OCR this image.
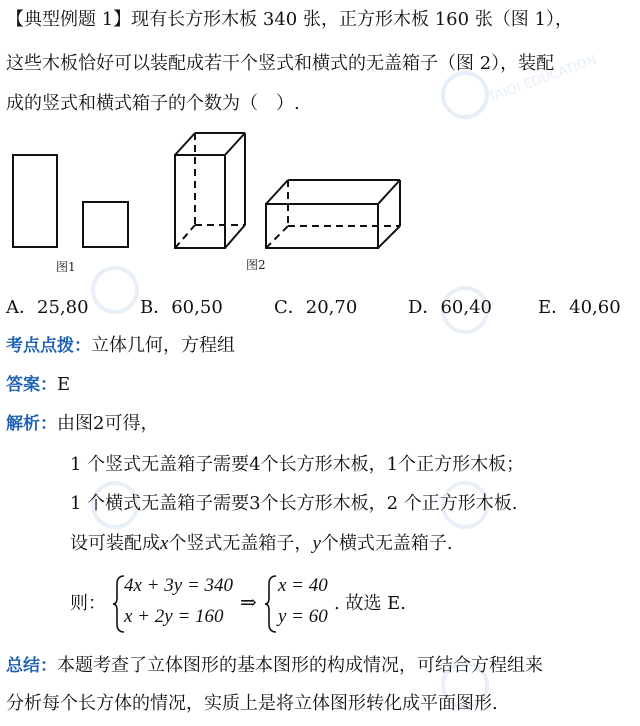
TAIQI EDUCATION
【典型例题 1】现有长方形木板 340 张，正方形木板 160 张（图 1），
这些木板恰好可以装配成若干个竖式和横式的无盖箱子（图 2），装配
成的竖式和横式箱子的个数为（　）.
图1	图2
A．25,80	B．60,50	C．20,70	D．60,40	E．40,60
考点点拨：立体几何，方程组
答案：E
解析：由图2可得，
1 个竖式无盖箱子需要4个长方形木板，1个正方形木板；
1 个横式无盖箱子需要3个长方形木板，2 个正方形木板.
设可装配成x个竖式无盖箱子，y个横式无盖箱子.
则：
4x + 3y = 340
x + 2y = 160
⇒
x = 40
y = 60
. 故选 E.
总结：本题考查了立体图形的基本图形的构成情况，可结合方程组来
分析每个长方体的情况，实质上是将立体图形转化成平面图形.
